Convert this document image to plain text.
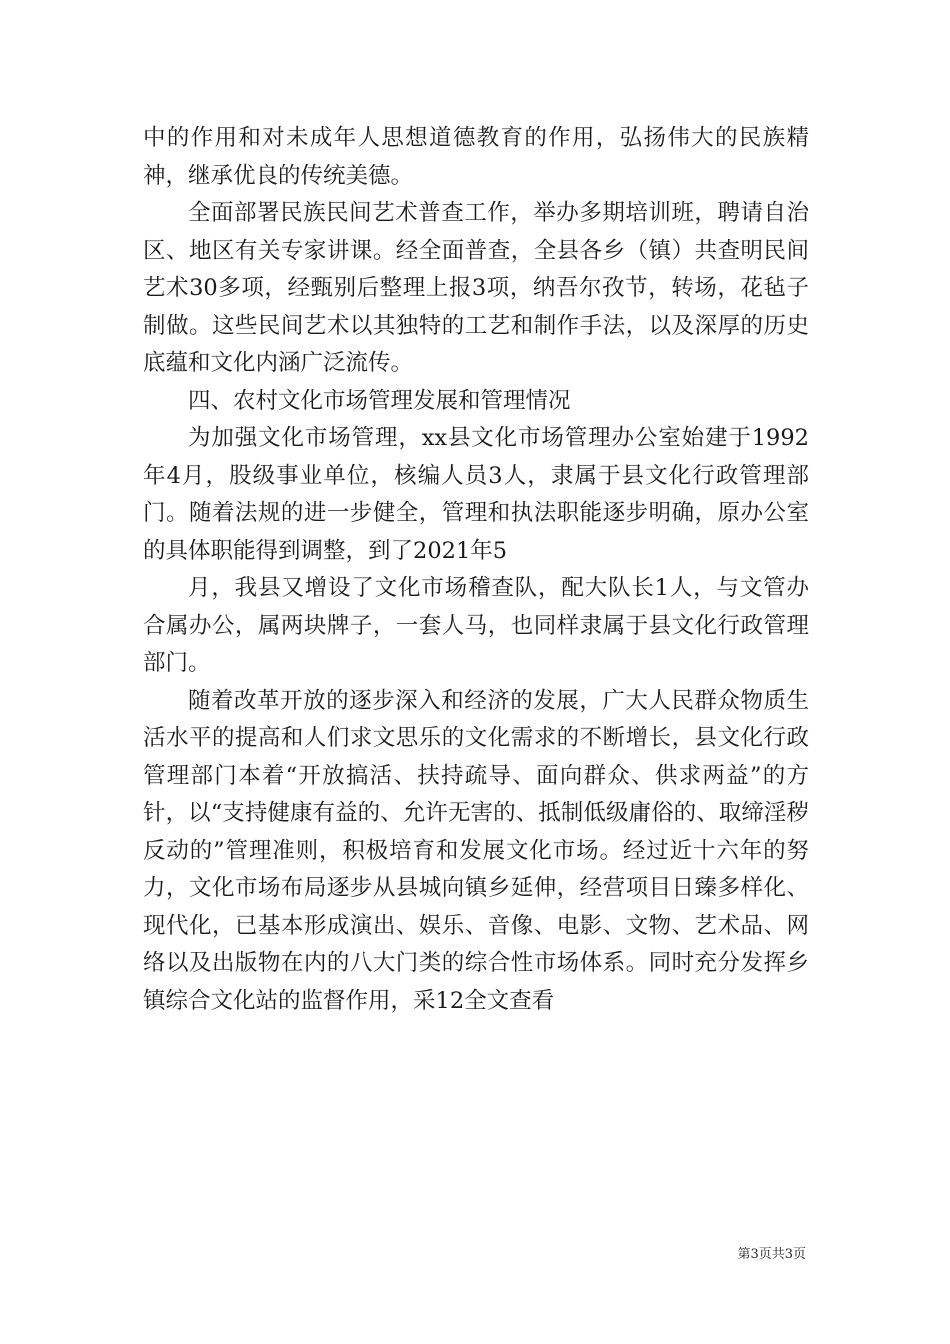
中的作用和对未成年人思想道德教育的作用，弘扬伟大的民族精神，继承优良的传统美德。

全面部署民族民间艺术普查工作，举办多期培训班，聘请自治区、地区有关专家讲课。经全面普查，全县各乡（镇）共查明民间艺术30多项，经甄别后整理上报3项，纳吾尔孜节，转场，花毡子制做。这些民间艺术以其独特的工艺和制作手法，以及深厚的历史底蕴和文化内涵广泛流传。

四、农村文化市场管理发展和管理情况

为加强文化市场管理，xx县文化市场管理办公室始建于1992年4月，股级事业单位，核编人员3人，隶属于县文化行政管理部门。随着法规的进一步健全，管理和执法职能逐步明确，原办公室的具体职能得到调整，到了2021年5

月，我县又增设了文化市场稽查队，配大队长1人，与文管办合属办公，属两块牌子，一套人马，也同样隶属于县文化行政管理部门。

随着改革开放的逐步深入和经济的发展，广大人民群众物质生活水平的提高和人们求文思乐的文化需求的不断增长，县文化行政管理部门本着“开放搞活、扶持疏导、面向群众、供求两益”的方针，以“支持健康有益的、允许无害的、抵制低级庸俗的、取缔淫秽反动的”管理准则，积极培育和发展文化市场。经过近十六年的努力，文化市场布局逐步从县城向镇乡延伸，经营项目日臻多样化、现代化，已基本形成演出、娱乐、音像、电影、文物、艺术品、网络以及出版物在内的八大门类的综合性市场体系。同时充分发挥乡镇综合文化站的监督作用，采12全文查看

第3页共3页
